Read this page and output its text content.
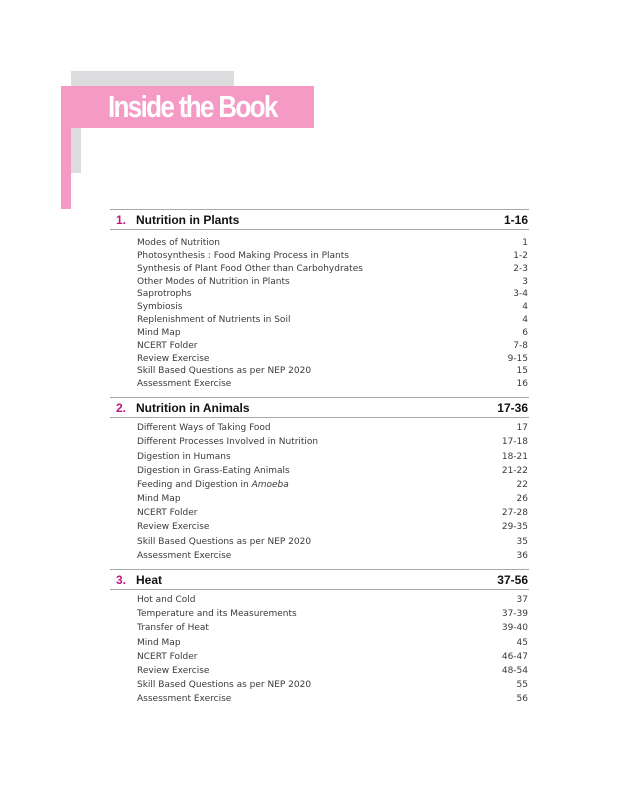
Inside the Book
1. Nutrition in Plants	1-16
Modes of Nutrition	1
Photosynthesis : Food Making Process in Plants	1-2
Synthesis of Plant Food Other than Carbohydrates	2-3
Other Modes of Nutrition in Plants	3
Saprotrophs	3-4
Symbiosis	4
Replenishment of Nutrients in Soil	4
Mind Map	6
NCERT Folder	7-8
Review Exercise	9-15
Skill Based Questions as per NEP 2020	15
Assessment Exercise	16
2. Nutrition in Animals	17-36
Different Ways of Taking Food	17
Different Processes Involved in Nutrition	17-18
Digestion in Humans	18-21
Digestion in Grass-Eating Animals	21-22
Feeding and Digestion in Amoeba	22
Mind Map	26
NCERT Folder	27-28
Review Exercise	29-35
Skill Based Questions as per NEP 2020	35
Assessment Exercise	36
3. Heat	37-56
Hot and Cold	37
Temperature and its Measurements	37-39
Transfer of Heat	39-40
Mind Map	45
NCERT Folder	46-47
Review Exercise	48-54
Skill Based Questions as per NEP 2020	55
Assessment Exercise	56
